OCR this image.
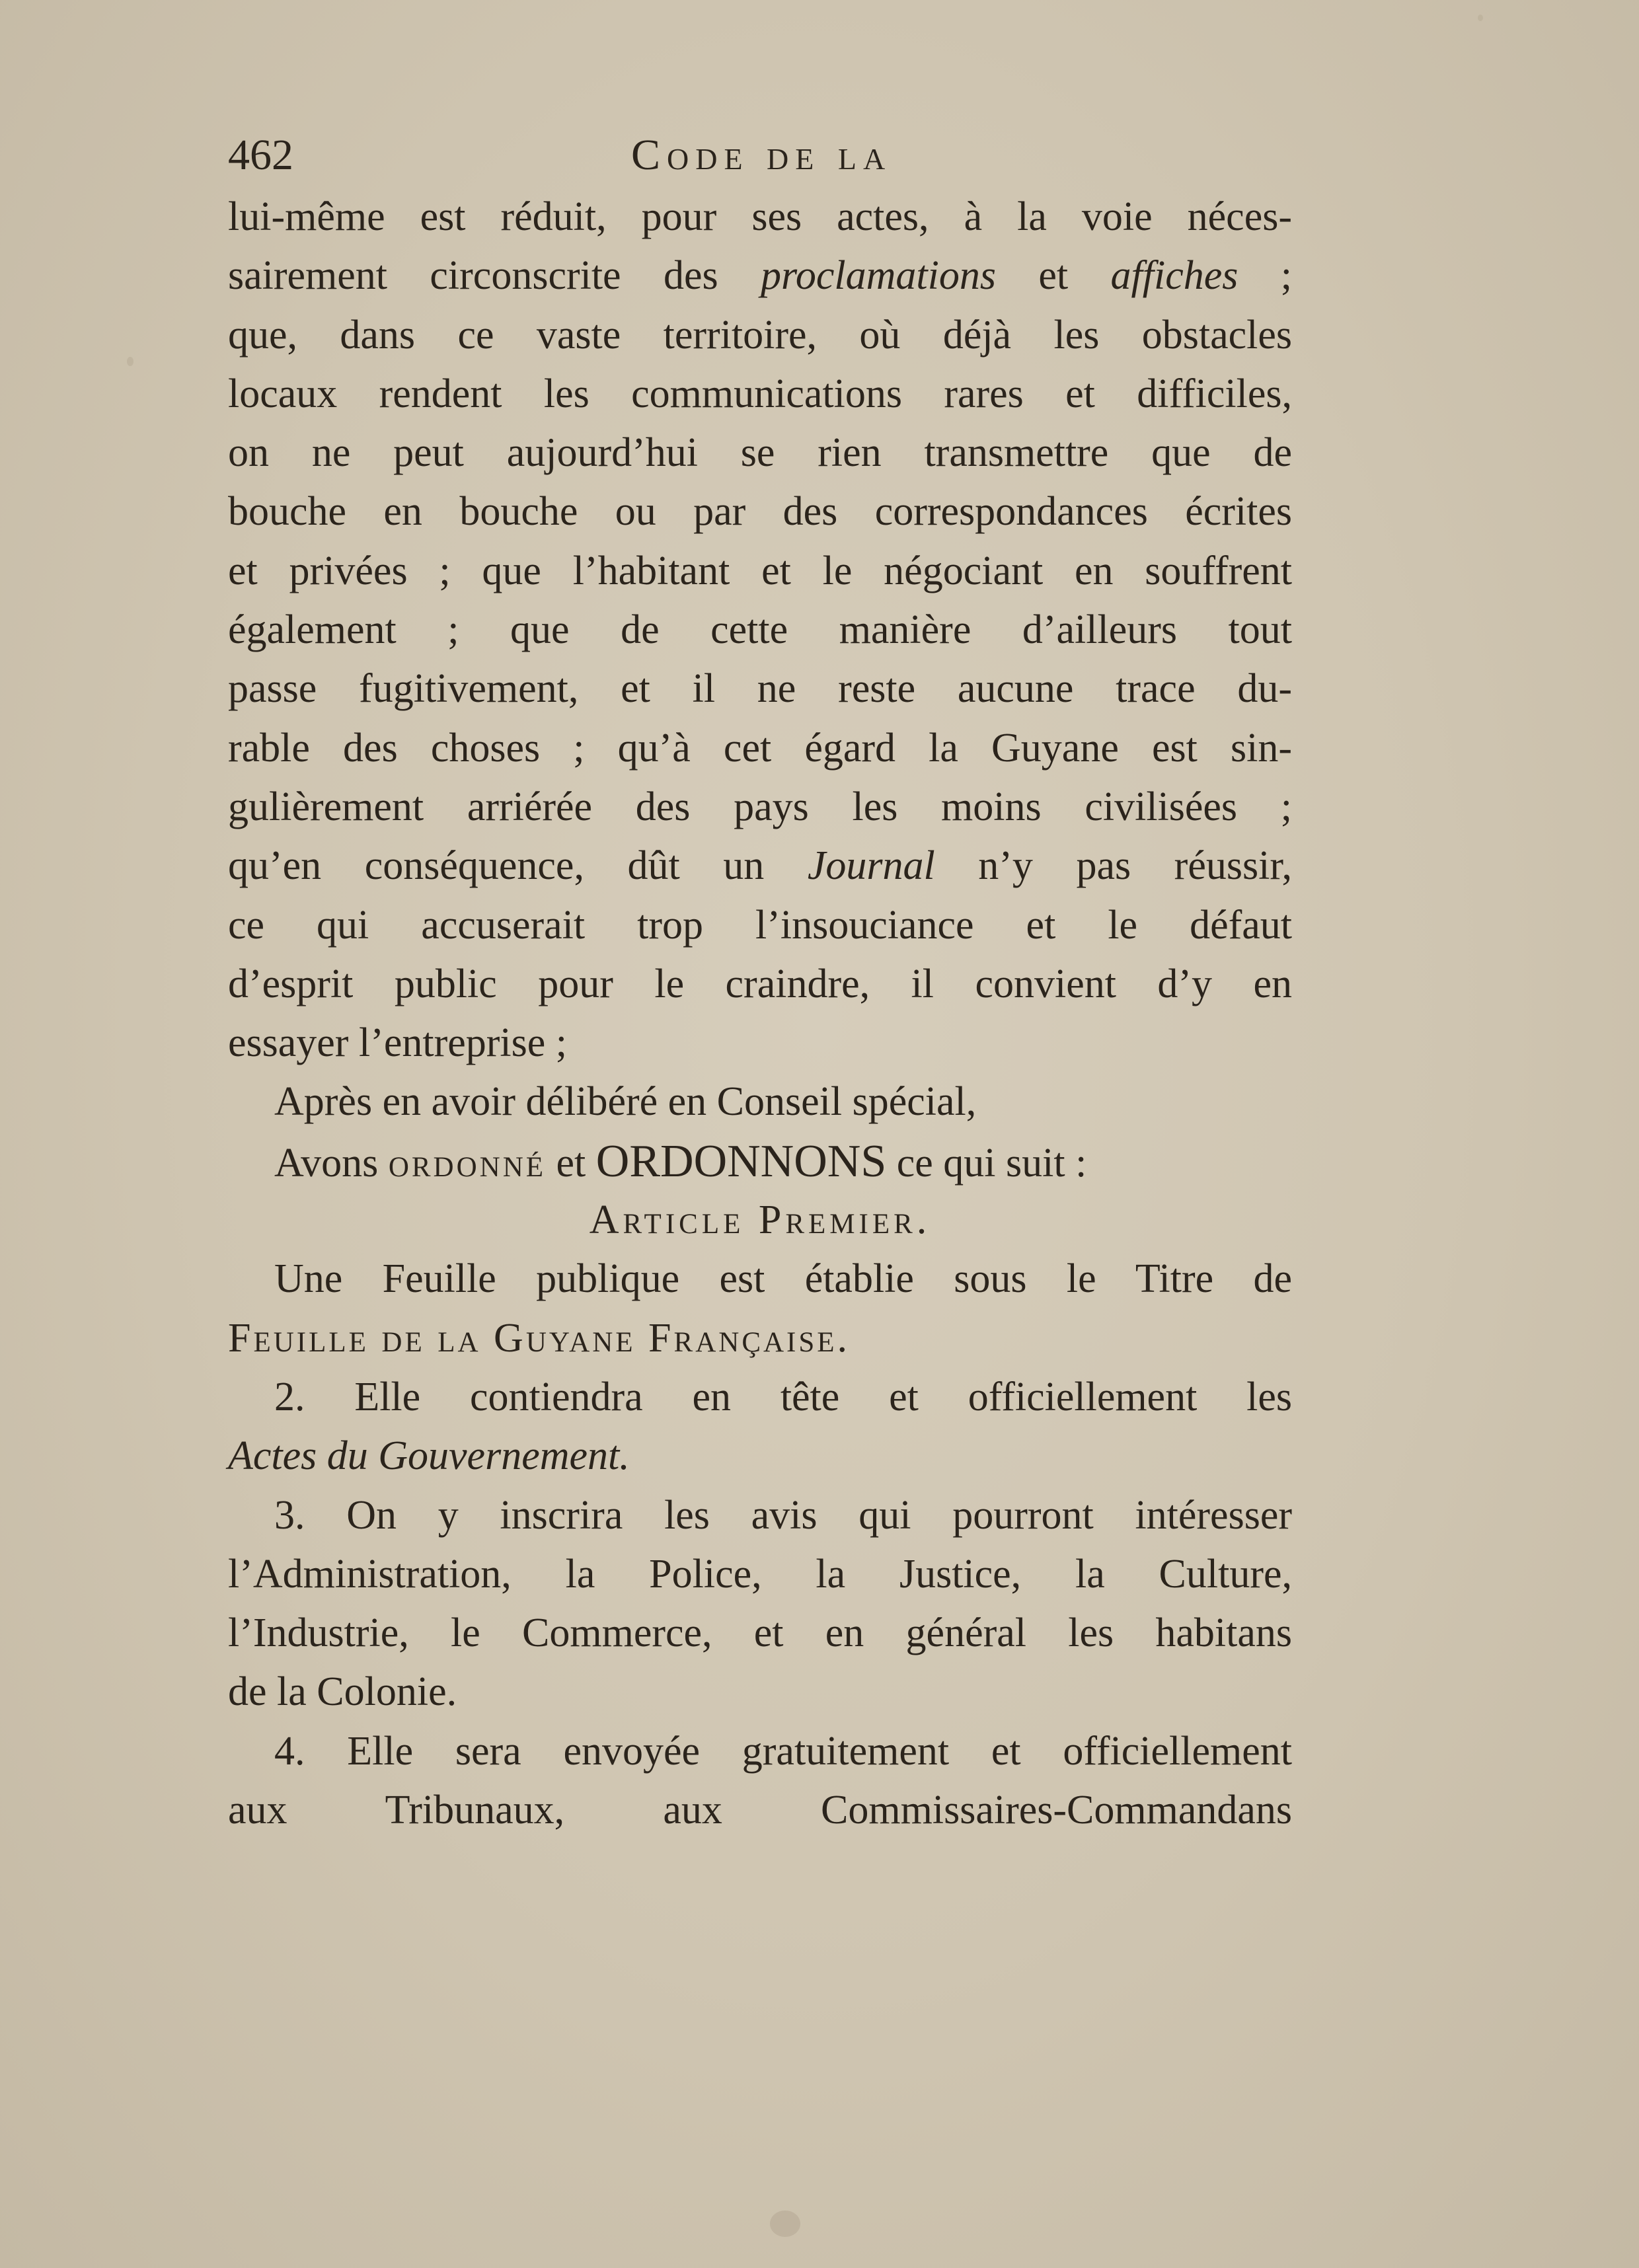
462	Code de la
lui-même est réduit, pour ses actes, à la voie néces-
sairement circonscrite des proclamations et affiches ;
que, dans ce vaste territoire, où déjà les obstacles
locaux rendent les communications rares et difficiles,
on ne peut aujourd’hui se rien transmettre que de
bouche en bouche ou par des correspondances écrites
et privées ; que l’habitant et le négociant en souffrent
également ; que de cette manière d’ailleurs tout
passe fugitivement, et il ne reste aucune trace du-
rable des choses ; qu’à cet égard la Guyane est sin-
gulièrement arriérée des pays les moins civilisées ;
qu’en conséquence, dût un Journal n’y pas réussir,
ce qui accuserait trop l’insouciance et le défaut
d’esprit public pour le craindre, il convient d’y en
essayer l’entreprise ;
Après en avoir délibéré en Conseil spécial,
Avons ordonné et ORDONNONS ce qui suit :
Article Premier.
Une Feuille publique est établie sous le Titre de
Feuille de la Guyane Française.
2. Elle contiendra en tête et officiellement les
Actes du Gouvernement.
3. On y inscrira les avis qui pourront intéresser
l’Administration, la Police, la Justice, la Culture,
l’Industrie, le Commerce, et en général les habitans
de la Colonie.
4. Elle sera envoyée gratuitement et officiellement
aux Tribunaux, aux Commissaires-Commandans
